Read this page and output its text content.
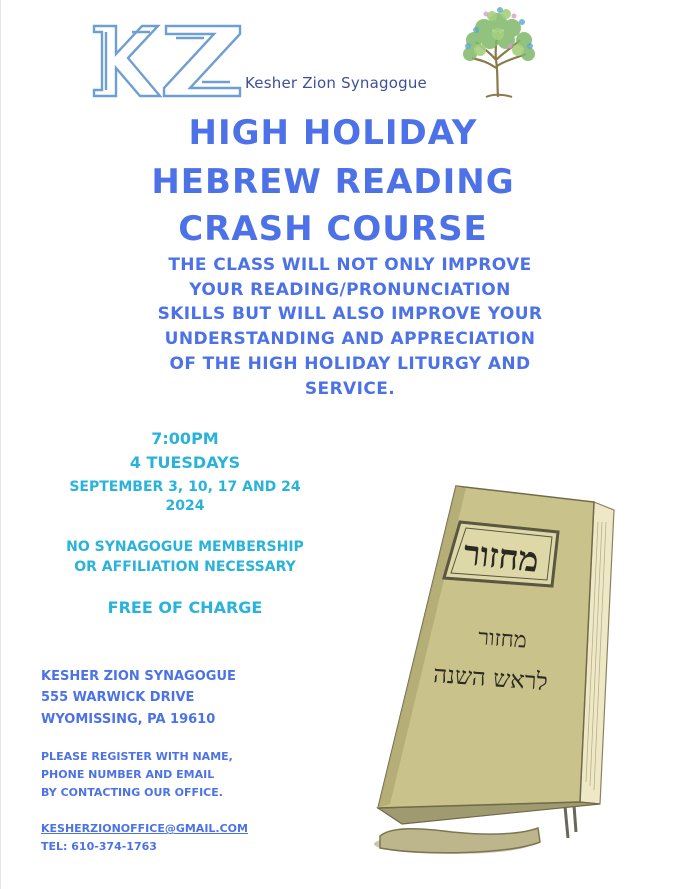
KZ
Kesher Zion Synagogue
HIGH HOLIDAY
HEBREW READING
CRASH COURSE
THE CLASS WILL NOT ONLY IMPROVE
YOUR READING/PRONUNCIATION
SKILLS BUT WILL ALSO IMPROVE YOUR
UNDERSTANDING AND APPRECIATION
OF THE HIGH HOLIDAY LITURGY AND
SERVICE.
7:00PM
4 TUESDAYS
SEPTEMBER 3, 10, 17 AND 24
2024
NO SYNAGOGUE MEMBERSHIP
OR AFFILIATION NECESSARY
FREE OF CHARGE
KESHER ZION SYNAGOGUE
555 WARWICK DRIVE
WYOMISSING, PA 19610
PLEASE REGISTER WITH NAME,
PHONE NUMBER AND EMAIL
BY CONTACTING OUR OFFICE.
KESHERZIONOFFICE@GMAIL.COM
TEL: 610-374-1763
מחזור
מחזור
לראש השנה
